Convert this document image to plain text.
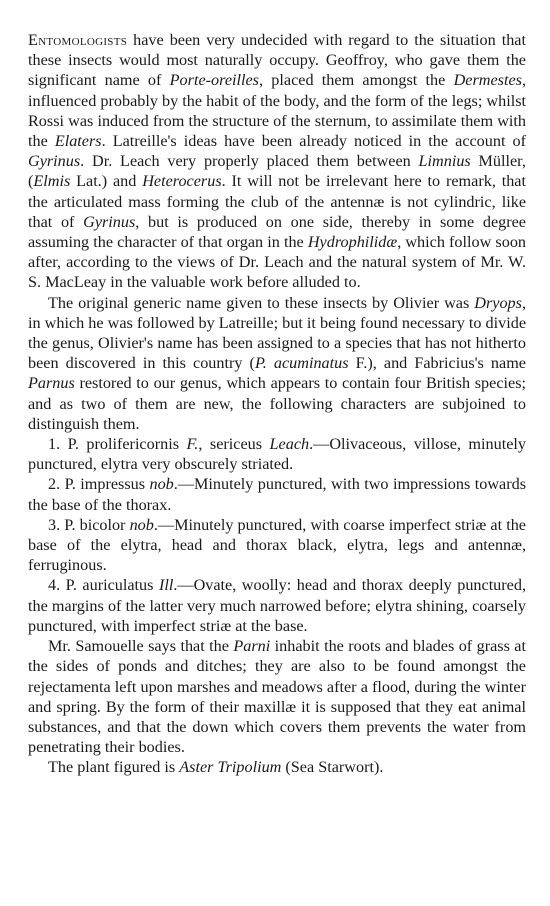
Entomologists have been very undecided with regard to the situation that these insects would most naturally occupy. Geoffroy, who gave them the significant name of Porte-oreilles, placed them amongst the Dermestes, influenced probably by the habit of the body, and the form of the legs; whilst Rossi was induced from the structure of the sternum, to assimilate them with the Elaters. Latreille's ideas have been already noticed in the account of Gyrinus. Dr. Leach very properly placed them between Limnius Müller, (Elmis Lat.) and Heterocerus. It will not be irrelevant here to remark, that the articulated mass forming the club of the antennæ is not cylindric, like that of Gyrinus, but is produced on one side, thereby in some degree assuming the character of that organ in the Hydrophilidæ, which follow soon after, according to the views of Dr. Leach and the natural system of Mr. W. S. MacLeay in the valuable work before alluded to.

The original generic name given to these insects by Olivier was Dryops, in which he was followed by Latreille; but it being found necessary to divide the genus, Olivier's name has been assigned to a species that has not hitherto been discovered in this country (P. acuminatus F.), and Fabricius's name Parnus restored to our genus, which appears to contain four British species; and as two of them are new, the following characters are subjoined to distinguish them.

1. P. prolifericornis F., sericeus Leach.—Olivaceous, villose, minutely punctured, elytra very obscurely striated.

2. P. impressus nob.—Minutely punctured, with two impressions towards the base of the thorax.

3. P. bicolor nob.—Minutely punctured, with coarse imperfect striæ at the base of the elytra, head and thorax black, elytra, legs and antennæ, ferruginous.

4. P. auriculatus Ill.—Ovate, woolly: head and thorax deeply punctured, the margins of the latter very much narrowed before; elytra shining, coarsely punctured, with imperfect striæ at the base.

Mr. Samouelle says that the Parni inhabit the roots and blades of grass at the sides of ponds and ditches; they are also to be found amongst the rejectamenta left upon marshes and meadows after a flood, during the winter and spring. By the form of their maxillæ it is supposed that they eat animal substances, and that the down which covers them prevents the water from penetrating their bodies.

The plant figured is Aster Tripolium (Sea Starwort).
